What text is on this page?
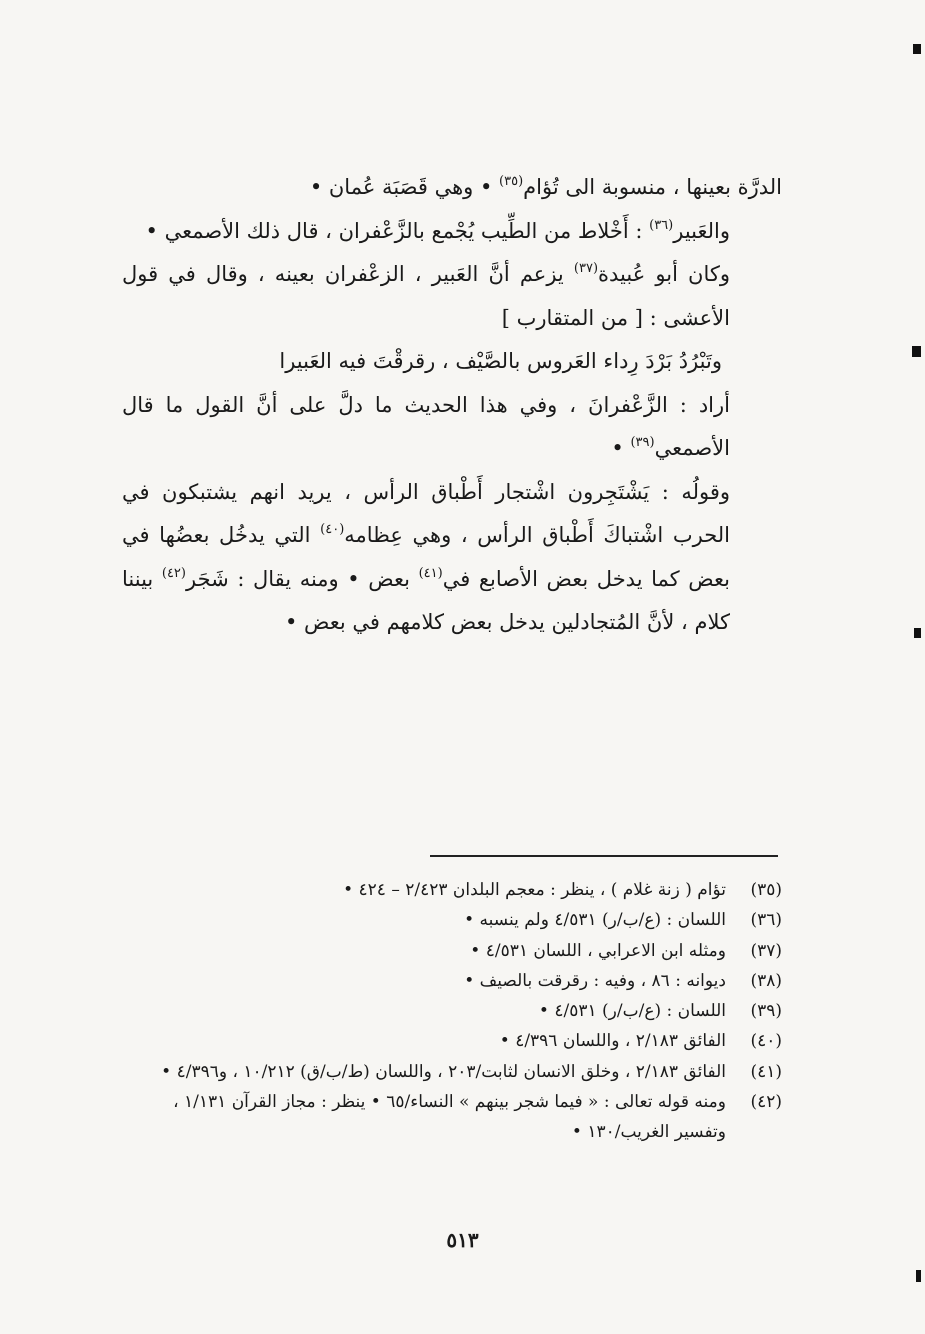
الدرَّة بعينها ، منسوبة الى تُؤام$^{(٣٥)}$ • وهي قَصَبَة عُمان •

والعَبير$^{(٣٦)}$ : أَخْلاط من الطِّيب يُجْمع بالزَّعْفران ، قال ذلك الأصمعي •

وكان أبو عُبيدة$^{(٣٧)}$ يزعم أنَّ العَبير ، الزعْفران بعينه ، وقال في قول الأعشى : [ من المتقارب ]

وتَبْرُدُ بَرْدَ رِداء العَروس بالصَّيْف ، رقرقْتَ فيه العَبيرا

أراد : الزَّعْفرانَ ، وفي هذا الحديث ما دلَّ على أنَّ القول ما قال الأصمعي$^{(٣٩)}$ •

وقولُه : يَشْتَجِرون اشْتجار أَطْباق الرأس ، يريد انهم يشتبكون في الحرب اشْتباكَ أَطْباق الرأس ، وهي عِظامه$^{(٤٠)}$ التي يدخُل بعضُها في بعض كما يدخل بعض الأصابع في$^{(٤١)}$ بعض • ومنه يقال : شَجَر$^{(٤٢)}$ بيننا كلام ، لأنَّ المُتجادلين يدخل بعض كلامهم في بعض •

(٣٥)
تؤام ( زنة غلام ) ، ينظر : معجم البلدان ٢/٤٢٣ – ٤٢٤ •
(٣٦)
اللسان : (ع/ب/ر) ٤/٥٣١ ولم ينسبه •
(٣٧)
ومثله ابن الاعرابي ، اللسان ٤/٥٣١ •
(٣٨)
ديوانه : ٨٦ ، وفيه : رقرقت بالصيف •
(٣٩)
اللسان : (ع/ب/ر) ٤/٥٣١ •
(٤٠)
الفائق ٢/١٨٣ ، واللسان ٤/٣٩٦ •
(٤١)
الفائق ٢/١٨٣ ، وخلق الانسان لثابت/٢٠٣ ، واللسان (ط/ب/ق) ١٠/٢١٢ ، و٤/٣٩٦ •
(٤٢)
ومنه قوله تعالى : « فيما شجر بينهم » النساء/٦٥ • ينظر : مجاز القرآن ١/١٣١ ، وتفسير الغريب/١٣٠ •
٥١٣
